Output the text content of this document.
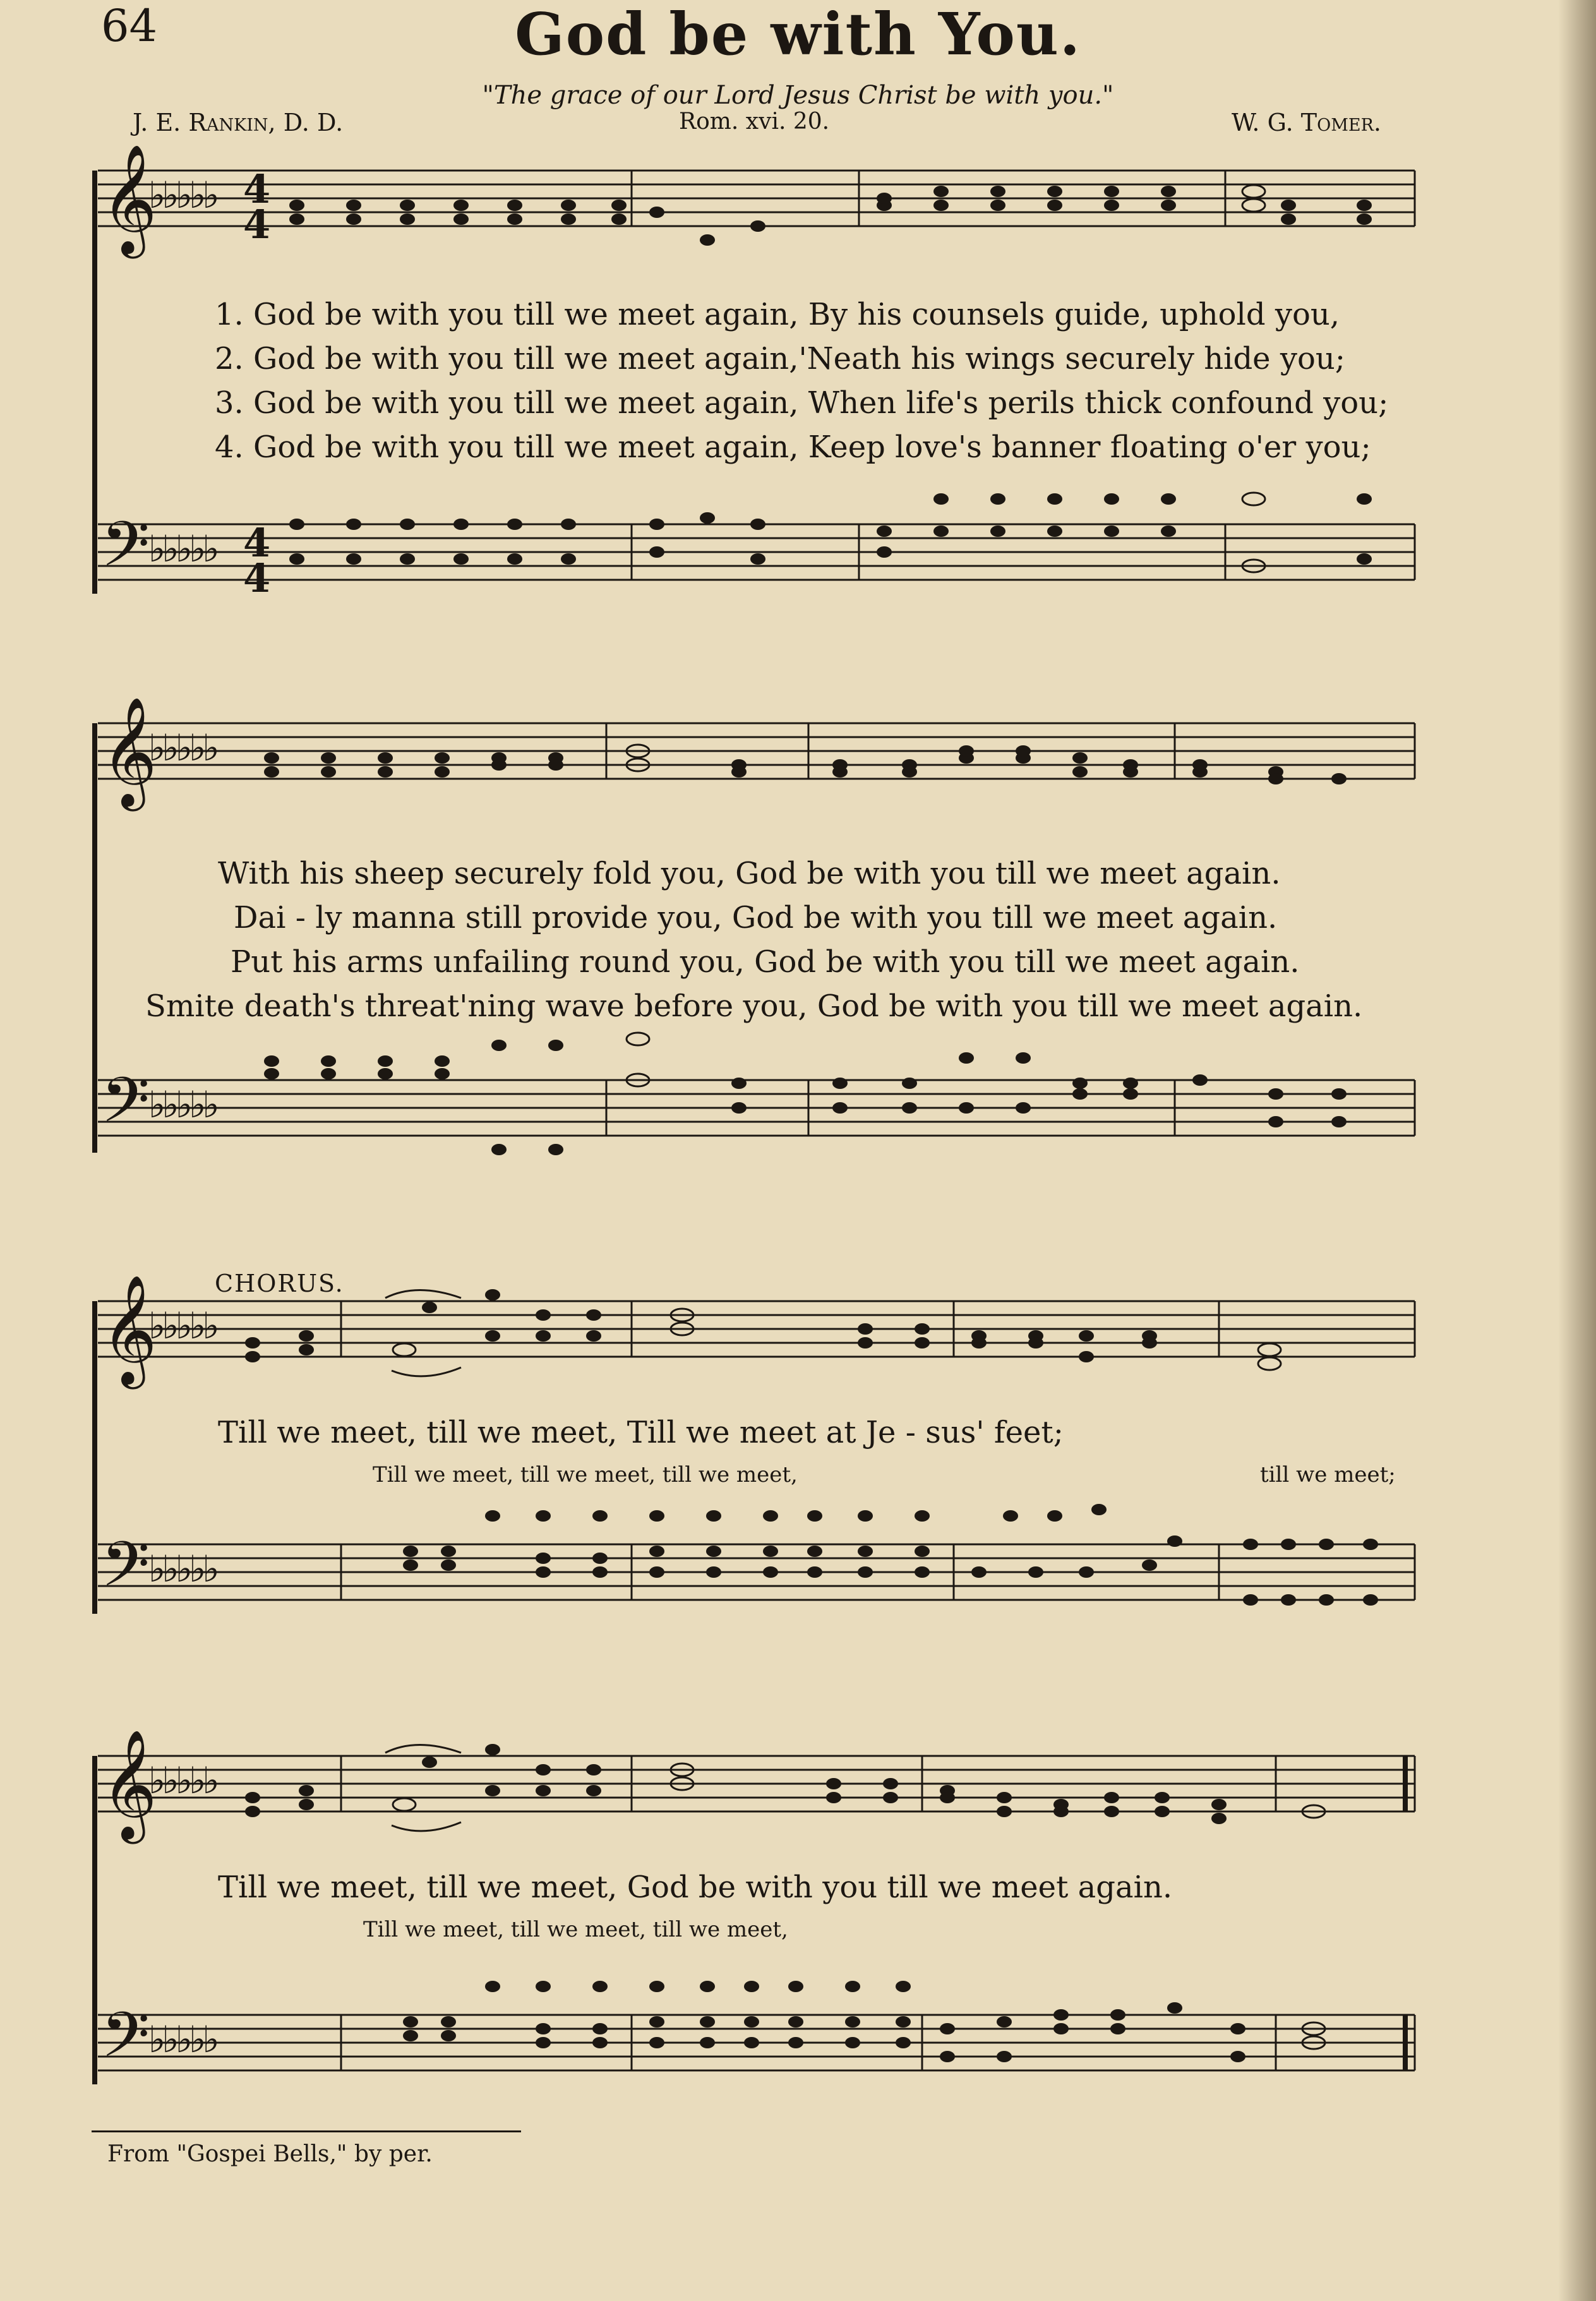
64	God be with You.
"The grace of our Lord Jesus Christ be with you."
J. E. Rankin, D. D.	Rom. xvi. 20.	W. G. Tomer.
𝄞
♭♭♭♭♭ 4
4
𝄢
♭♭♭♭♭ 4
4
1. God be with you till we meet again, By his counsels guide, uphold you,
2. God be with you till we meet again,'Neath his wings securely hide you;
3. God be with you till we meet again, When life's perils thick confound you;
4. God be with you till we meet again, Keep love's banner floating o'er you;
𝄞
♭♭♭♭♭
𝄢
♭♭♭♭♭
With his sheep securely fold you, God be with you till we meet again.
Dai - ly manna still provide you, God be with you till we meet again.
Put his arms unfailing round you, God be with you till we meet again.
Smite death's threat'ning wave before you, God be with you till we meet again.
CHORUS.
𝄞
♭♭♭♭♭
𝄢
♭♭♭♭♭
Till we meet, till we meet, Till we meet at Je - sus' feet;
Till we meet, till we meet, till we meet,	till we meet;
𝄞
♭♭♭♭♭
𝄢
♭♭♭♭♭
Till we meet, till we meet, God be with you till we meet again.
Till we meet, till we meet, till we meet,
From "Gospei Bells," by per.
